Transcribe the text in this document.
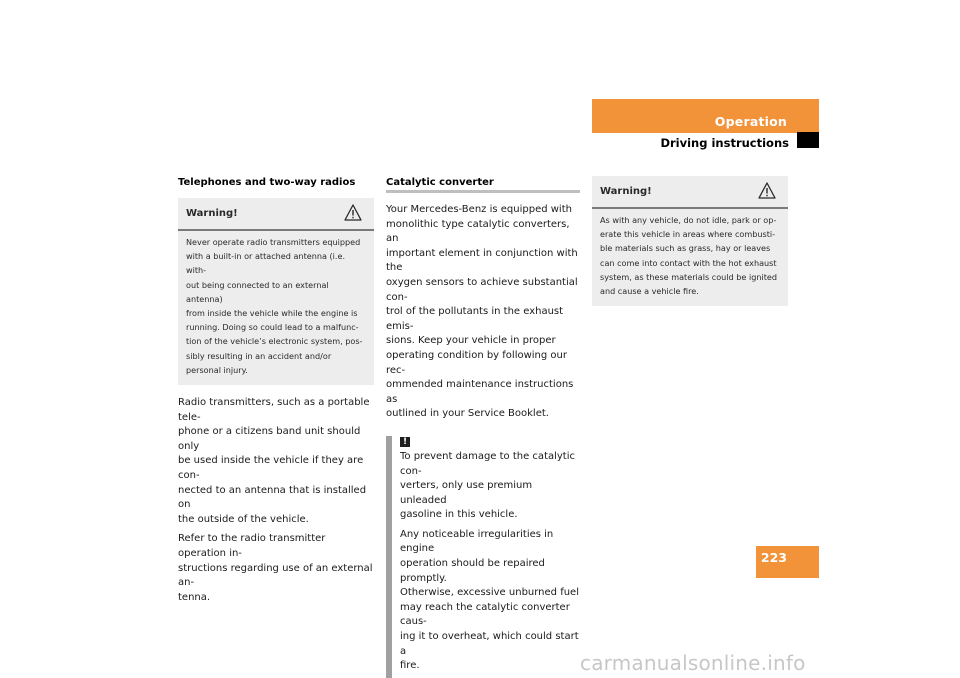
Operation
Driving instructions
Telephones and two-way radios
Warning!
Never operate radio transmitters equipped
with a built-in or attached antenna (i.e. with-
out being connected to an external antenna)
from inside the vehicle while the engine is
running. Doing so could lead to a malfunc-
tion of the vehicle’s electronic system, pos-
sibly resulting in an accident and/or
personal injury.

Radio transmitters, such as a portable tele-
phone or a citizens band unit should only
be used inside the vehicle if they are con-
nected to an antenna that is installed on
the outside of the vehicle.

Refer to the radio transmitter operation in-
structions regarding use of an external an-
tenna.

Catalytic converter

Your Mercedes-Benz is equipped with
monolithic type catalytic converters, an
important element in conjunction with the
oxygen sensors to achieve substantial con-
trol of the pollutants in the exhaust emis-
sions. Keep your vehicle in proper
operating condition by following our rec-
ommended maintenance instructions as
outlined in your Service Booklet.

!

To prevent damage to the catalytic con-
verters, only use premium unleaded
gasoline in this vehicle.

Any noticeable irregularities in engine
operation should be repaired promptly.
Otherwise, excessive unburned fuel
may reach the catalytic converter caus-
ing it to overheat, which could start a
fire.

Warning!
As with any vehicle, do not idle, park or op-
erate this vehicle in areas where combusti-
ble materials such as grass, hay or leaves
can come into contact with the hot exhaust
system, as these materials could be ignited
and cause a vehicle fire.
223
carmanualsonline.info
